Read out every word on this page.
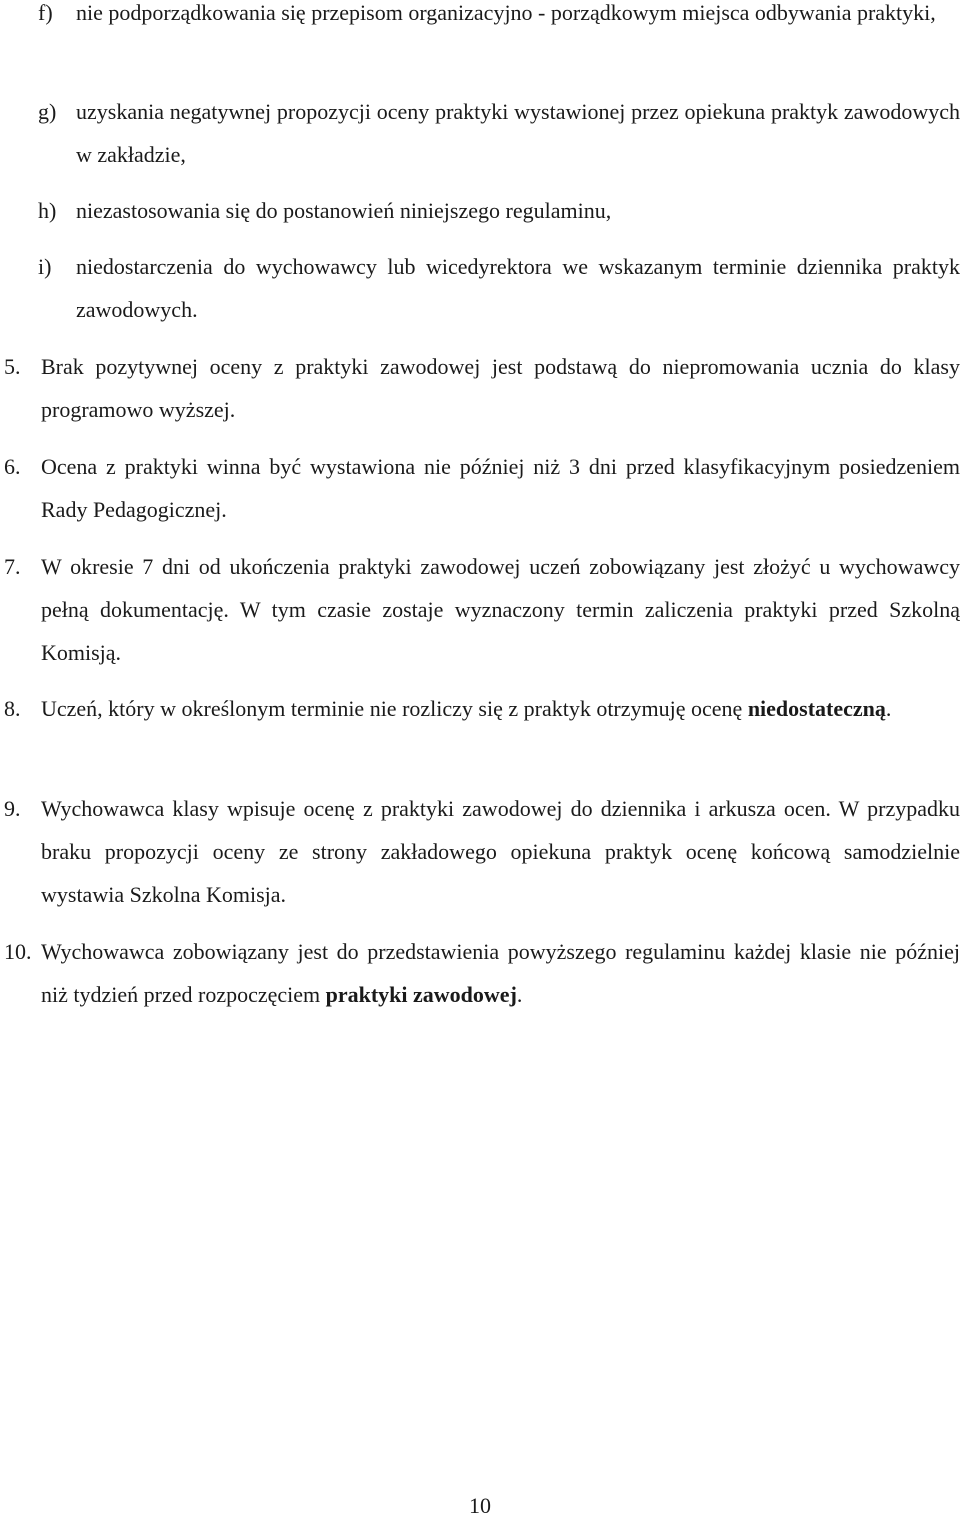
f)	nie podporządkowania się przepisom organizacyjno - porządkowym miejsca odbywania praktyki,
g) uzyskania negatywnej propozycji oceny praktyki wystawionej przez opiekuna praktyk zawodowych w zakładzie,
h) niezastosowania się do postanowień niniejszego regulaminu,
i)	niedostarczenia do wychowawcy lub wicedyrektora we wskazanym terminie dziennika praktyk zawodowych.
5. Brak pozytywnej oceny z praktyki zawodowej jest podstawą do niepromowania ucznia do klasy programowo wyższej.
6. Ocena z praktyki winna być wystawiona nie później niż 3 dni przed klasyfikacyjnym posiedzeniem Rady Pedagogicznej.
7. W okresie 7 dni od ukończenia praktyki zawodowej uczeń zobowiązany jest złożyć u wychowawcy pełną dokumentację. W tym czasie zostaje wyznaczony termin zaliczenia praktyki przed Szkolną Komisją.
8. Uczeń, który w określonym terminie nie rozliczy się z praktyk otrzymuję ocenę niedostateczną.
9. Wychowawca klasy wpisuje ocenę z praktyki zawodowej do dziennika i arkusza ocen. W przypadku braku propozycji oceny ze strony zakładowego opiekuna praktyk ocenę końcową samodzielnie wystawia Szkolna Komisja.
10. Wychowawca zobowiązany jest do przedstawienia powyższego regulaminu każdej klasie nie później niż tydzień przed rozpoczęciem praktyki zawodowej.
10
